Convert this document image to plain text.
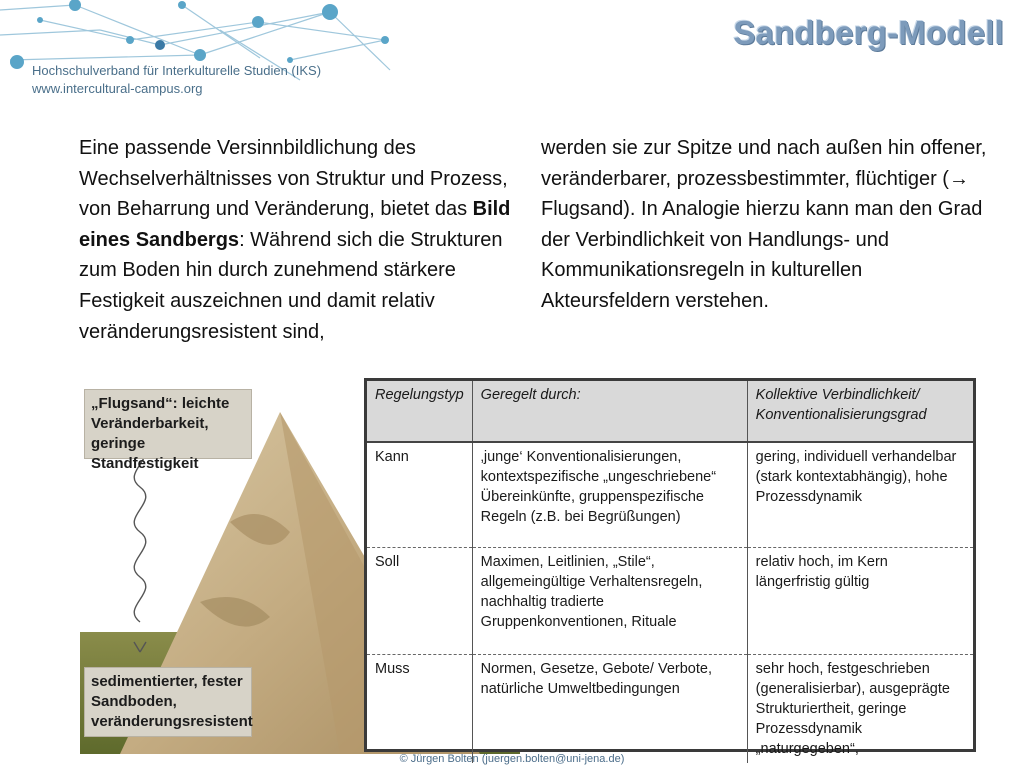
Hochschulverband für Interkulturelle Studien (IKS)
www.intercultural-campus.org
Sandberg-Modell
Eine passende Versinnbildlichung des Wechselverhältnisses von Struktur und Prozess, von Beharrung und Veränderung, bietet das Bild eines Sandbergs: Während sich die Strukturen zum Boden hin durch zunehmend stärkere Festigkeit auszeichnen und damit relativ veränderungsresistent sind,
werden sie zur Spitze und nach außen hin offener, veränderbarer, prozessbestimmter, flüchtiger (→ Flugsand). In Analogie hierzu kann man den Grad der Verbindlichkeit von Handlungs- und Kommunikationsregeln in kulturellen Akteursfeldern verstehen.
„Flugsand“: leichte Veränderbarkeit, geringe Standfestigkeit
sedimentierter, fester Sandboden, veränderungsresistent
Regelungstyp	Geregelt durch:	Kollektive Verbindlichkeit/ Konventionalisierungsgrad
Kann	‚junge‘ Konventionalisierungen, kontextspezifische „ungeschriebene“ Übereinkünfte, gruppenspezifische Regeln (z.B. bei Begrüßungen)	gering, individuell verhandelbar (stark kontextabhängig), hohe Prozessdynamik
Soll	Maximen, Leitlinien, „Stile“, allgemeingültige Verhaltensregeln, nachhaltig tradierte Gruppenkonventionen, Rituale	relativ hoch, im Kern längerfristig gültig
Muss	Normen, Gesetze, Gebote/ Verbote, natürliche Umweltbedingungen	sehr hoch, festgeschrieben (generalisierbar), ausgeprägte Strukturiertheit, geringe Prozessdynamik „naturgegeben“,
© Jürgen Bolten (juergen.bolten@uni-jena.de)
